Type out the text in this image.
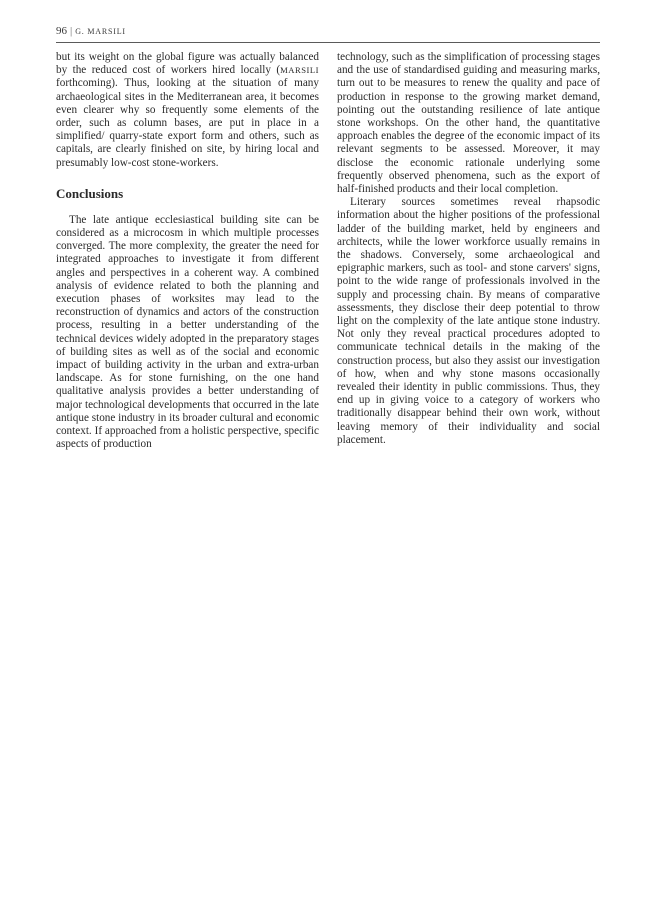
96 | G. MARSILI

but its weight on the global figure was actually balanced by the reduced cost of workers hired locally (MARSILI forthcoming). Thus, looking at the situation of many archaeological sites in the Mediterranean area, it becomes even clearer why so frequently some elements of the order, such as column bases, are put in place in a simplified/ quarry-state export form and others, such as capitals, are clearly finished on site, by hiring local and presumably low-cost stone-workers.

Conclusions

The late antique ecclesiastical building site can be considered as a microcosm in which multiple processes converged. The more complexity, the greater the need for integrated approaches to investigate it from different angles and perspectives in a coherent way. A combined analysis of evidence related to both the planning and execution phases of worksites may lead to the reconstruction of dynamics and actors of the construction process, resulting in a better understanding of the technical devices widely adopted in the preparatory stages of building sites as well as of the social and economic impact of building activity in the urban and extra-urban landscape. As for stone furnishing, on the one hand qualitative analysis provides a better understanding of major technological developments that occurred in the late antique stone industry in its broader cultural and economic context. If approached from a holistic perspective, specific aspects of production

technology, such as the simplification of processing stages and the use of standardised guiding and measuring marks, turn out to be measures to renew the quality and pace of production in response to the growing market demand, pointing out the outstanding resilience of late antique stone workshops. On the other hand, the quantitative approach enables the degree of the economic impact of its relevant segments to be assessed. Moreover, it may disclose the economic rationale underlying some frequently observed phenomena, such as the export of half-finished products and their local completion.

Literary sources sometimes reveal rhapsodic information about the higher positions of the professional ladder of the building market, held by engineers and architects, while the lower workforce usually remains in the shadows. Conversely, some archaeological and epigraphic markers, such as tool- and stone carvers' signs, point to the wide range of professionals involved in the supply and processing chain. By means of comparative assessments, they disclose their deep potential to throw light on the complexity of the late antique stone industry. Not only they reveal practical procedures adopted to communicate technical details in the making of the construction process, but also they assist our investigation of how, when and why stone masons occasionally revealed their identity in public commissions. Thus, they end up in giving voice to a category of workers who traditionally disappear behind their own work, without leaving memory of their individuality and social placement.
